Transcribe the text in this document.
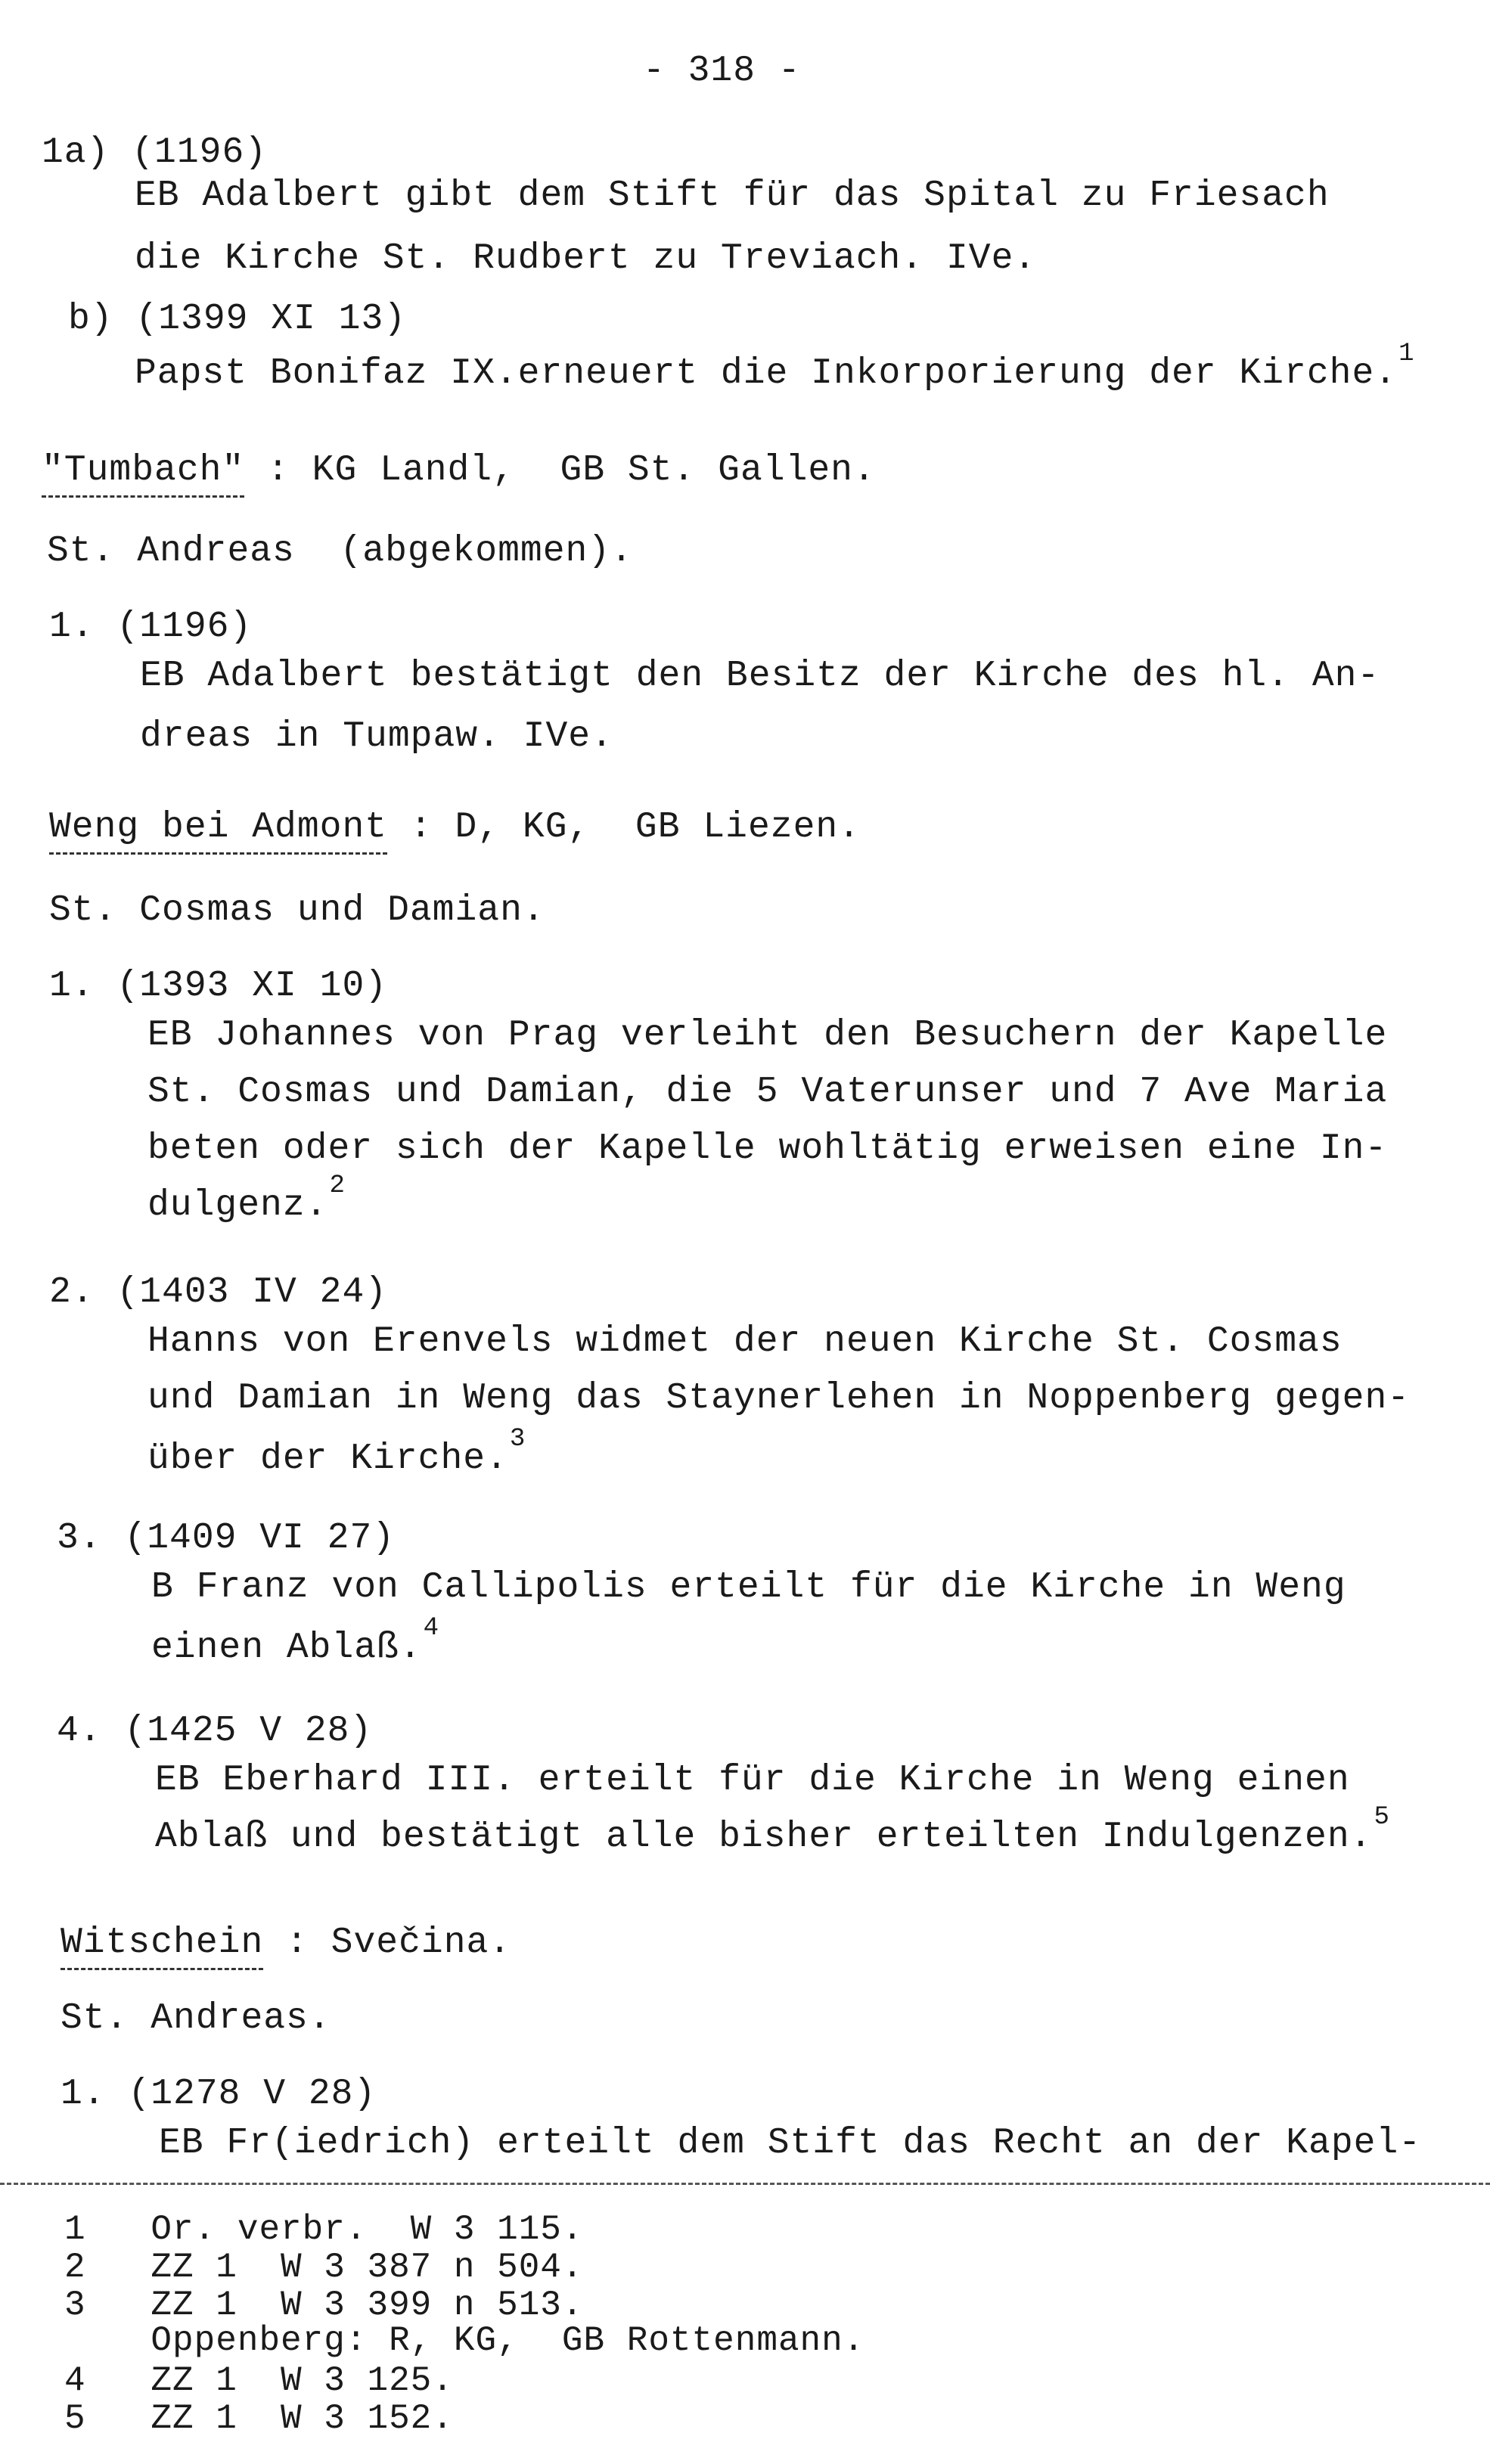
- 318 -
1a) (1196)
EB Adalbert gibt dem Stift für das Spital zu Friesach
die Kirche St. Rudbert zu Treviach. IVe.
b) (1399 XI 13)
Papst Bonifaz IX.erneuert die Inkorporierung der Kirche.$^1$
"Tumbach" : KG Landl,  GB St. Gallen.
St. Andreas  (abgekommen).
1. (1196)
EB Adalbert bestätigt den Besitz der Kirche des hl. An-
dreas in Tumpaw. IVe.
Weng bei Admont : D, KG,  GB Liezen.
St. Cosmas und Damian.
1. (1393 XI 10)
EB Johannes von Prag verleiht den Besuchern der Kapelle
St. Cosmas und Damian, die 5 Vaterunser und 7 Ave Maria
beten oder sich der Kapelle wohltätig erweisen eine In-
dulgenz.$^2$
2. (1403 IV 24)
Hanns von Erenvels widmet der neuen Kirche St. Cosmas
und Damian in Weng das Staynerlehen in Noppenberg gegen-
über der Kirche.$^3$
3. (1409 VI 27)
B Franz von Callipolis erteilt für die Kirche in Weng
einen Ablaß.$^4$
4. (1425 V 28)
EB Eberhard III. erteilt für die Kirche in Weng einen
Ablaß und bestätigt alle bisher erteilten Indulgenzen.$^5$
Witschein : Svečina.
St. Andreas.
1. (1278 V 28)
EB Fr(iedrich) erteilt dem Stift das Recht an der Kapel-
1   Or. verbr.  W 3 115.
2   ZZ 1  W 3 387 n 504.
3   ZZ 1  W 3 399 n 513.
Oppenberg: R, KG,  GB Rottenmann.
4   ZZ 1  W 3 125.
5   ZZ 1  W 3 152.
